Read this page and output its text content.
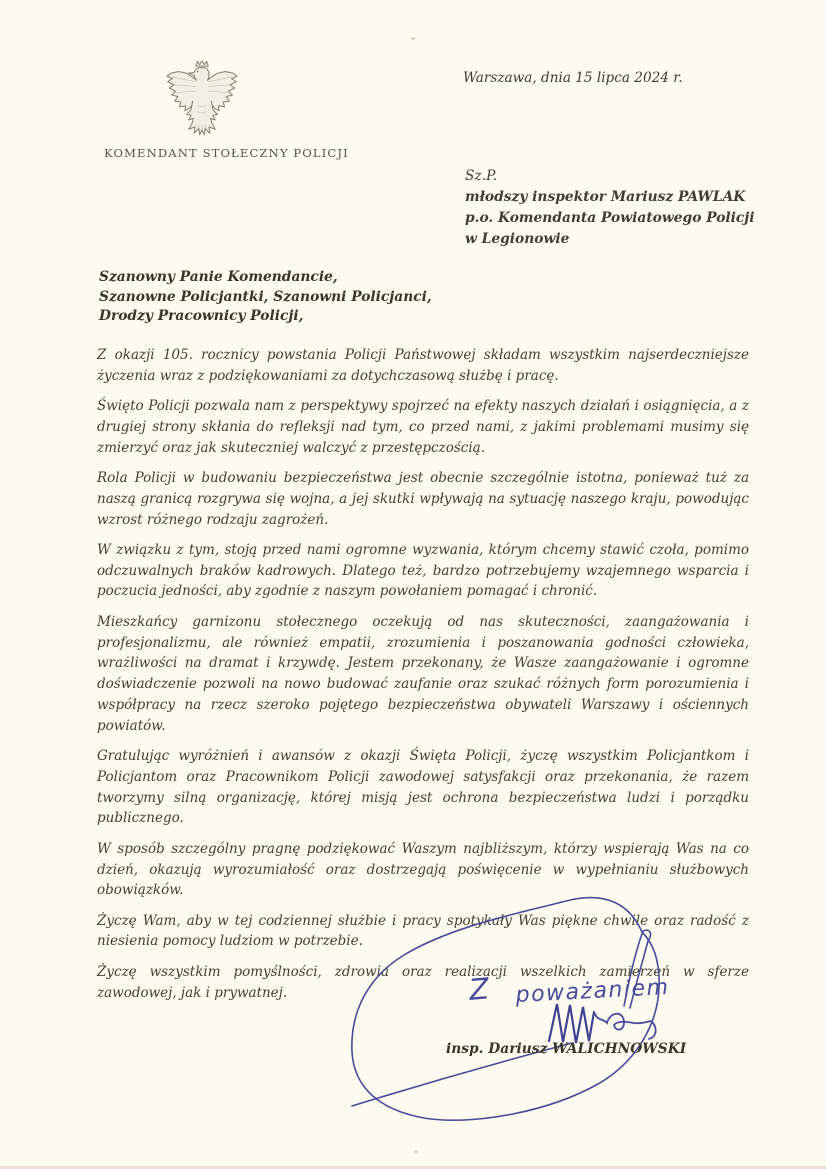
KOMENDANT STOŁECZNY POLICJI
Warszawa, dnia 15 lipca 2024 r.
Sz.P.
młodszy inspektor Mariusz PAWLAK
p.o. Komendanta Powiatowego Policji
w Legionowie
Szanowny Panie Komendancie,
Szanowne Policjantki, Szanowni Policjanci,
Drodzy Pracownicy Policji,

Z okazji 105. rocznicy powstania Policji Państwowej składam wszystkim najserdeczniejsze życzenia wraz z podziękowaniami za dotychczasową służbę i pracę.

Święto Policji pozwala nam z perspektywy spojrzeć na efekty naszych działań i osiągnięcia, a z drugiej strony skłania do refleksji nad tym, co przed nami, z jakimi problemami musimy się zmierzyć oraz jak skuteczniej walczyć z przestępczością.

Rola Policji w budowaniu bezpieczeństwa jest obecnie szczególnie istotna, ponieważ tuż za naszą granicą rozgrywa się wojna, a jej skutki wpływają na sytuację naszego kraju, powodując wzrost różnego rodzaju zagrożeń.

W związku z tym, stoją przed nami ogromne wyzwania, którym chcemy stawić czoła, pomimo odczuwalnych braków kadrowych. Dlatego też, bardzo potrzebujemy wzajemnego wsparcia i poczucia jedności, aby zgodnie z naszym powołaniem pomagać i chronić.

Mieszkańcy garnizonu stołecznego oczekują od nas skuteczności, zaangażowania i profesjonalizmu, ale również empatii, zrozumienia i poszanowania godności człowieka, wrażliwości na dramat i krzywdę. Jestem przekonany, że Wasze zaangażowanie i ogromne doświadczenie pozwoli na nowo budować zaufanie oraz szukać różnych form porozumienia i współpracy na rzecz szeroko pojętego bezpieczeństwa obywateli Warszawy i ościennych powiatów.

Gratulując wyróżnień i awansów z okazji Święta Policji, życzę wszystkim Policjantkom i Policjantom oraz Pracownikom Policji zawodowej satysfakcji oraz przekonania, że razem tworzymy silną organizację, której misją jest ochrona bezpieczeństwa ludzi i porządku publicznego.

W sposób szczególny pragnę podziękować Waszym najbliższym, którzy wspierają Was na co dzień, okazują wyrozumiałość oraz dostrzegają poświęcenie w wypełnianiu służbowych obowiązków.

Życzę Wam, aby w tej codziennej służbie i pracy spotykały Was piękne chwile oraz radość z niesienia pomocy ludziom w potrzebie.

Życzę wszystkim pomyślności, zdrowia oraz realizacji wszelkich zamierzeń w sferze zawodowej, jak i prywatnej.	Z poważaniem
insp. Dariusz WALICHNOWSKI
